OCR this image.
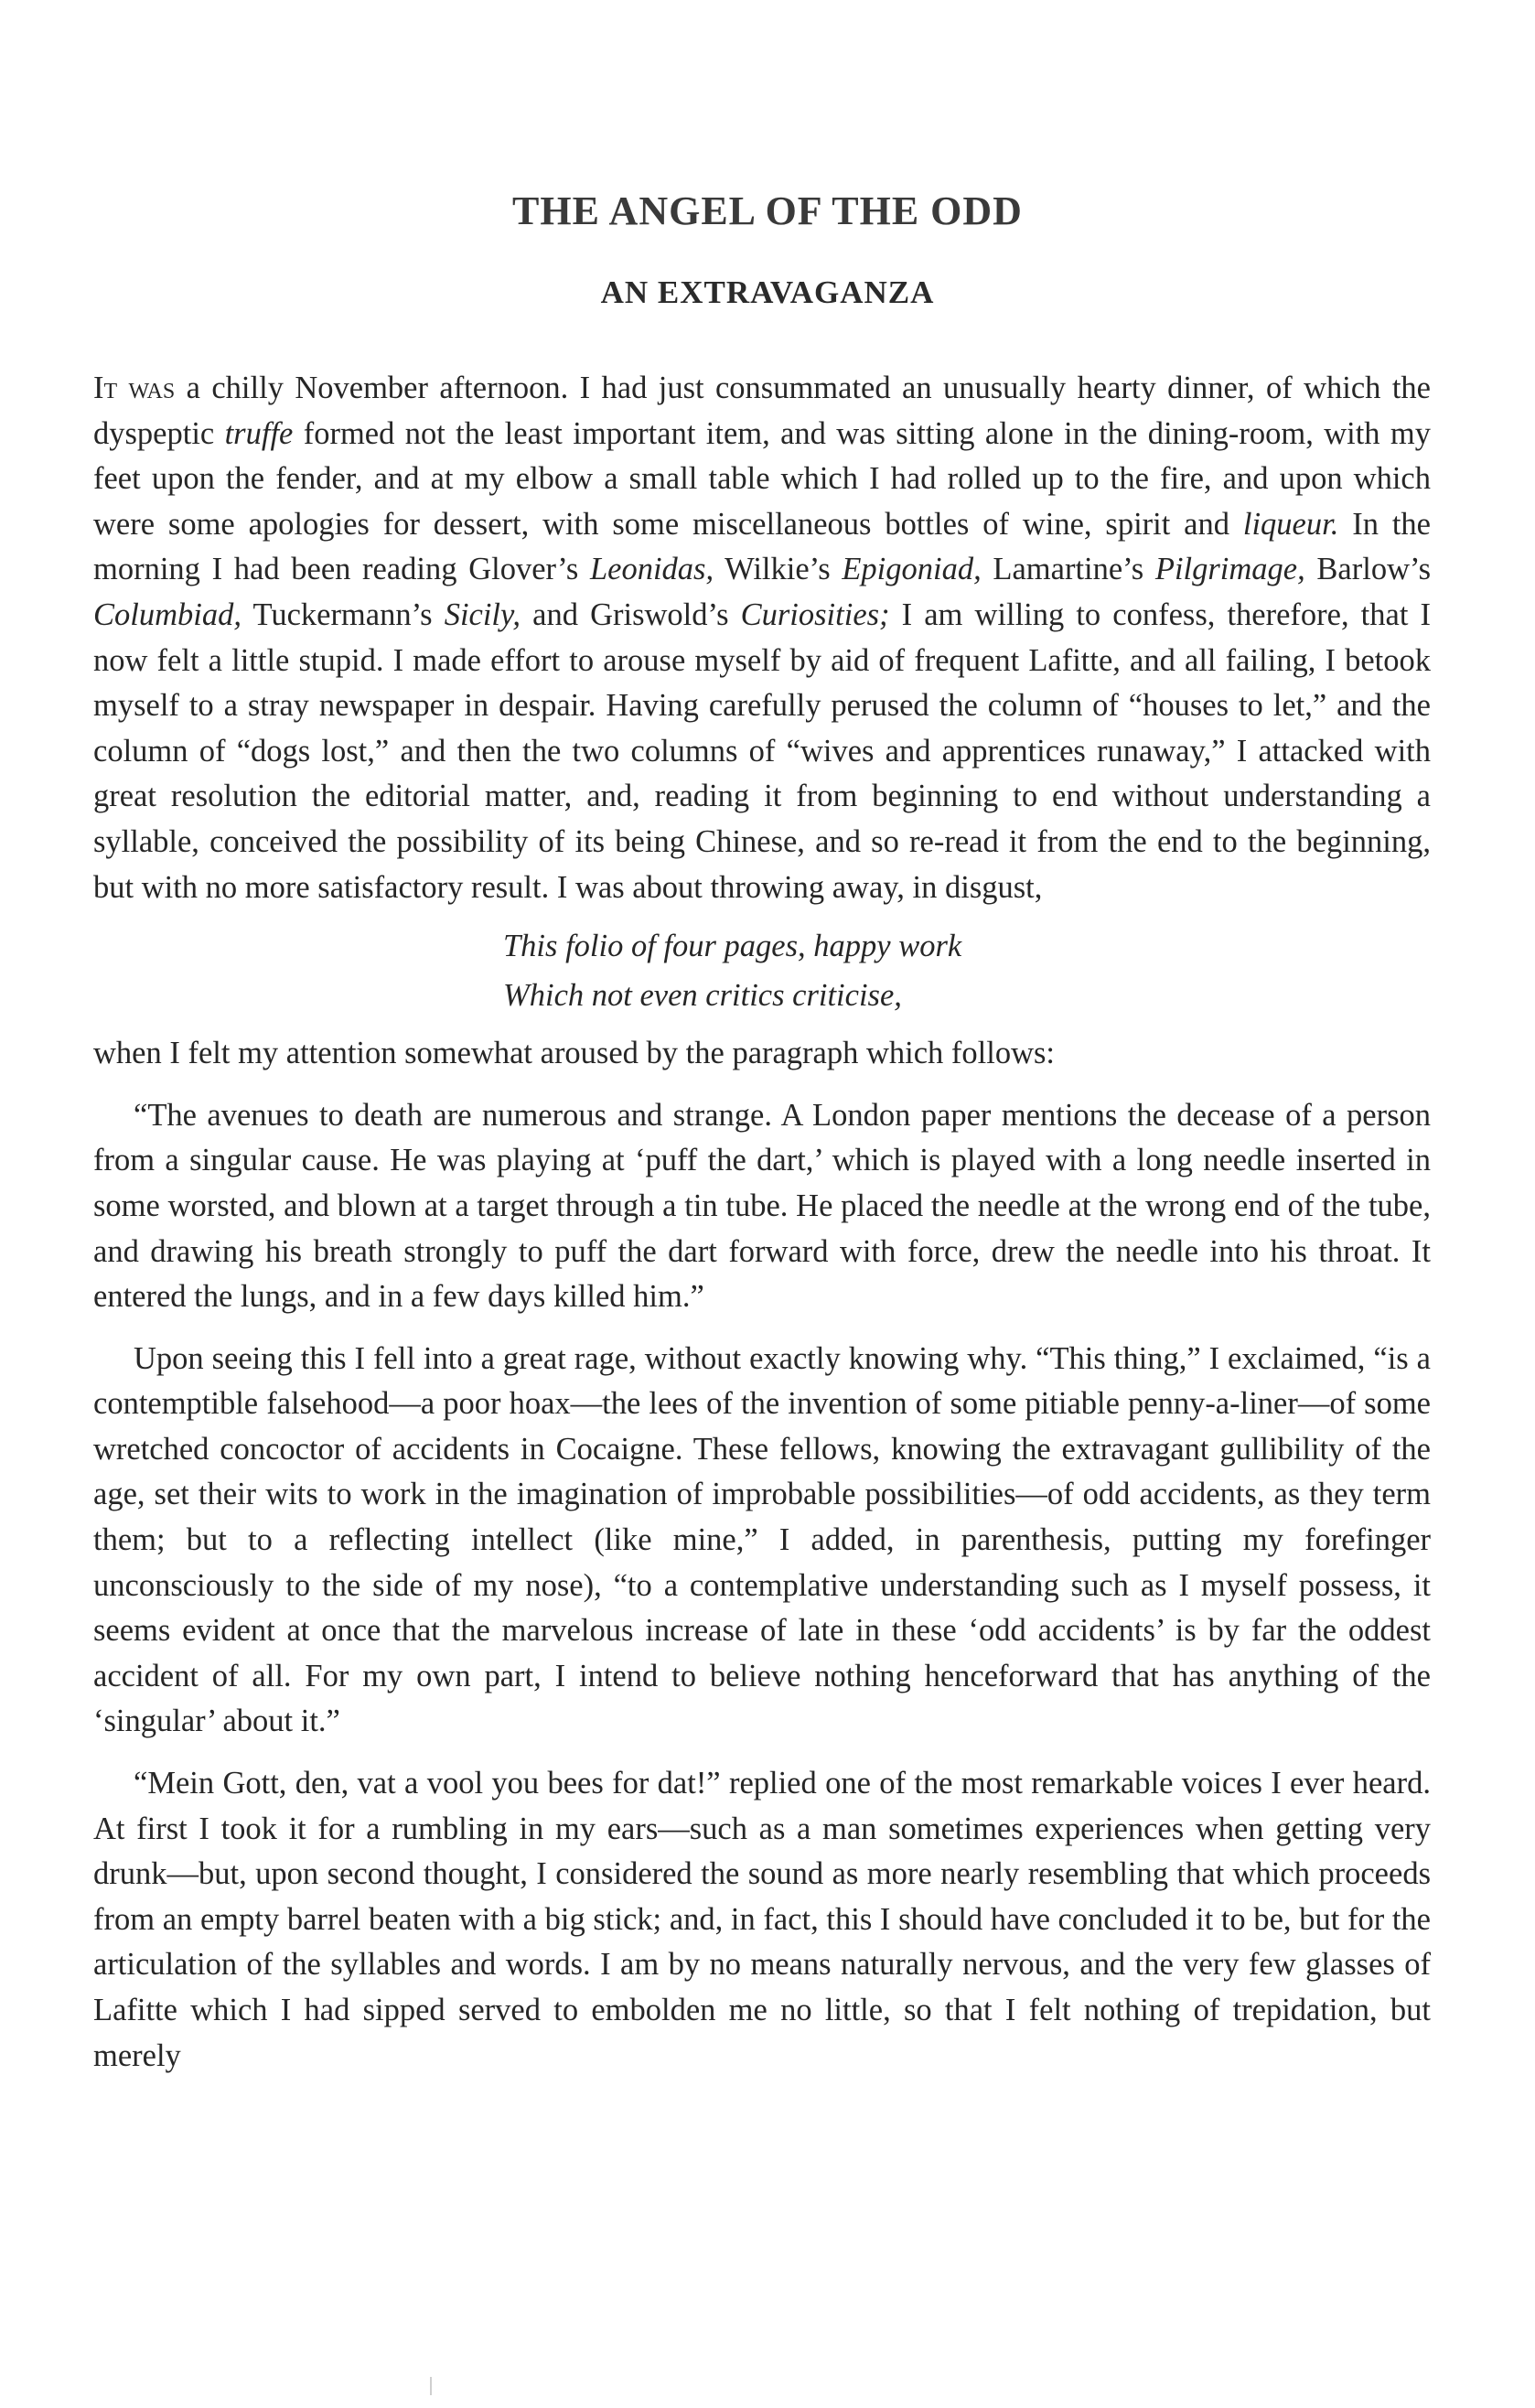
THE ANGEL OF THE ODD
AN EXTRAVAGANZA

It was a chilly November afternoon. I had just consummated an unusually hearty dinner, of which the dyspeptic truffe formed not the least important item, and was sitting alone in the dining-room, with my feet upon the fender, and at my elbow a small table which I had rolled up to the fire, and upon which were some apologies for dessert, with some miscellaneous bottles of wine, spirit and liqueur. In the morning I had been reading Glover’s Leonidas, Wilkie’s Epigoniad, Lamartine’s Pilgrimage, Barlow’s Columbiad, Tuckermann’s Sicily, and Griswold’s Curiosities; I am willing to confess, therefore, that I now felt a little stupid. I made effort to arouse myself by aid of frequent Lafitte, and all failing, I betook myself to a stray newspaper in despair. Having carefully perused the column of “houses to let,” and the column of “dogs lost,” and then the two columns of “wives and apprentices runaway,” I attacked with great resolution the editorial matter, and, reading it from beginning to end without understanding a syllable, conceived the possibility of its being Chinese, and so re-read it from the end to the beginning, but with no more satisfactory result. I was about throwing away, in disgust,

This folio of four pages, happy work
Which not even critics criticise,

when I felt my attention somewhat aroused by the paragraph which follows:

“The avenues to death are numerous and strange. A London paper mentions the decease of a person from a singular cause. He was playing at ‘puff the dart,’ which is played with a long needle inserted in some worsted, and blown at a target through a tin tube. He placed the needle at the wrong end of the tube, and drawing his breath strongly to puff the dart forward with force, drew the needle into his throat. It entered the lungs, and in a few days killed him.”

Upon seeing this I fell into a great rage, without exactly knowing why. “This thing,” I exclaimed, “is a contemptible falsehood—a poor hoax—the lees of the invention of some pitiable penny-a-liner—of some wretched concoctor of accidents in Cocaigne. These fellows, knowing the extravagant gullibility of the age, set their wits to work in the imagination of improbable possibilities—of odd accidents, as they term them; but to a reflecting intellect (like mine,” I added, in parenthesis, putting my forefinger unconsciously to the side of my nose), “to a contemplative understanding such as I myself possess, it seems evident at once that the marvelous increase of late in these ‘odd accidents’ is by far the oddest accident of all. For my own part, I intend to believe nothing henceforward that has anything of the ‘singular’ about it.”

“Mein Gott, den, vat a vool you bees for dat!” replied one of the most remarkable voices I ever heard. At first I took it for a rumbling in my ears—such as a man sometimes experiences when getting very drunk—but, upon second thought, I considered the sound as more nearly resembling that which proceeds from an empty barrel beaten with a big stick; and, in fact, this I should have concluded it to be, but for the articulation of the syllables and words. I am by no means naturally nervous, and the very few glasses of Lafitte which I had sipped served to embolden me no little, so that I felt nothing of trepidation, but merely
